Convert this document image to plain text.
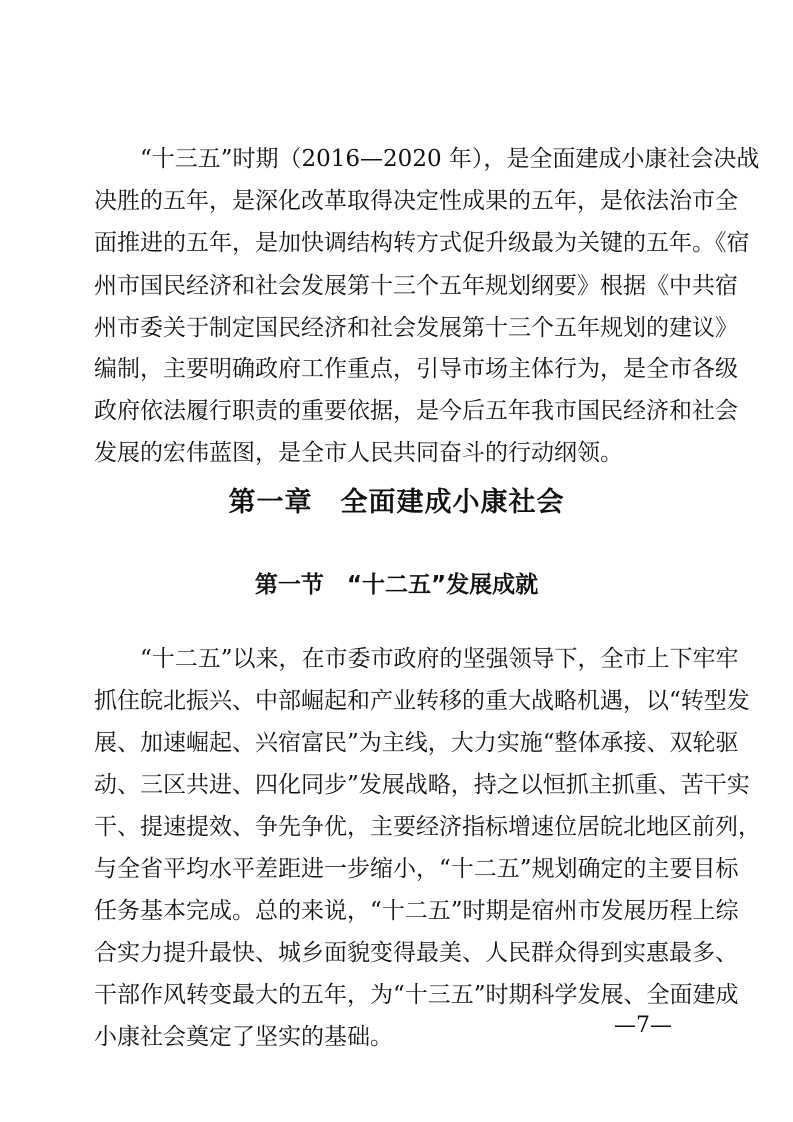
“十三五”时期（2016—2020 年），是全面建成小康社会决战
决胜的五年，是深化改革取得决定性成果的五年，是依法治市全
面推进的五年，是加快调结构转方式促升级最为关键的五年。《宿
州市国民经济和社会发展第十三个五年规划纲要》根据《中共宿
州市委关于制定国民经济和社会发展第十三个五年规划的建议》
编制，主要明确政府工作重点，引导市场主体行为，是全市各级
政府依法履行职责的重要依据，是今后五年我市国民经济和社会
发展的宏伟蓝图，是全市人民共同奋斗的行动纲领。
第一章　全面建成小康社会
第一节　“十二五”发展成就
“十二五”以来，在市委市政府的坚强领导下，全市上下牢牢
抓住皖北振兴、中部崛起和产业转移的重大战略机遇，以“转型发
展、加速崛起、兴宿富民”为主线，大力实施“整体承接、双轮驱
动、三区共进、四化同步”发展战略，持之以恒抓主抓重、苦干实
干、提速提效、争先争优，主要经济指标增速位居皖北地区前列，
与全省平均水平差距进一步缩小，“十二五”规划确定的主要目标
任务基本完成。总的来说，“十二五”时期是宿州市发展历程上综
合实力提升最快、城乡面貌变得最美、人民群众得到实惠最多、
干部作风转变最大的五年，为“十三五”时期科学发展、全面建成
小康社会奠定了坚实的基础。	—7—
